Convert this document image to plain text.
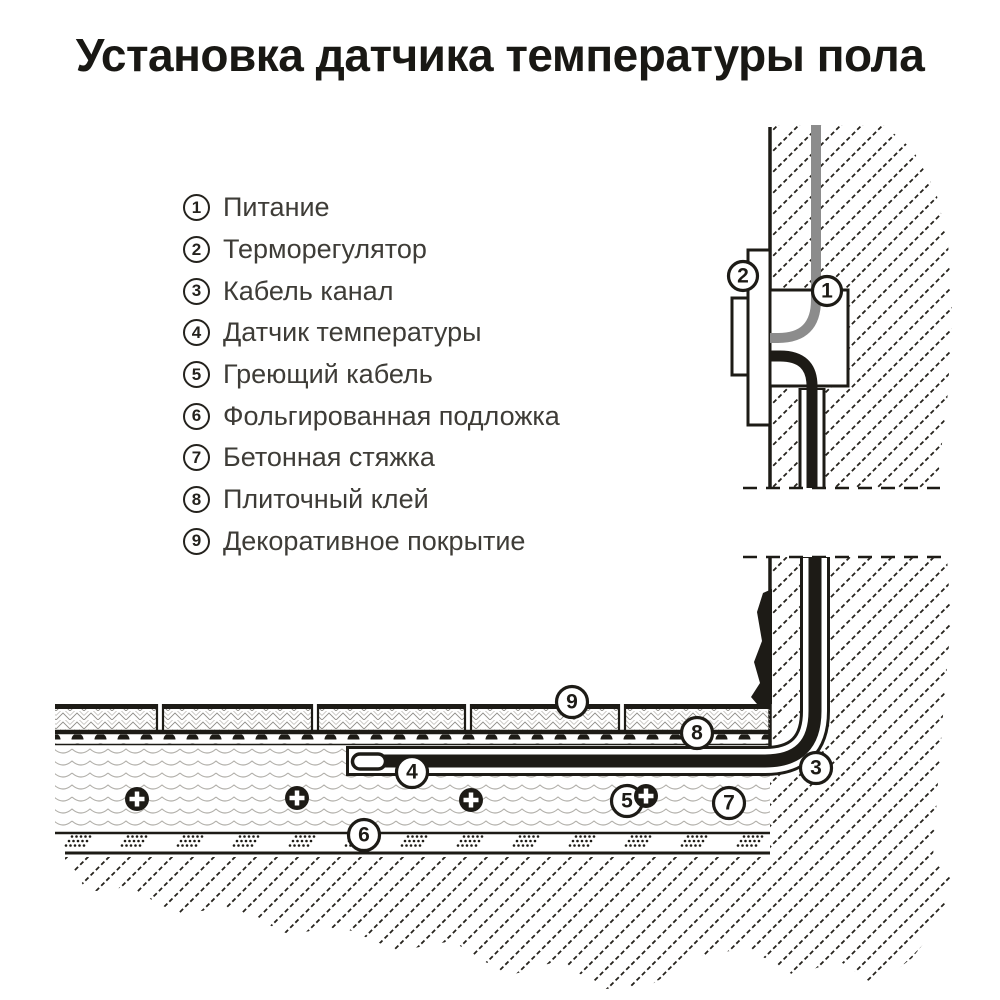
Установка датчика температуры пола
1 Питание
2 Терморегулятор
3 Кабель канал
4 Датчик температуры
5 Греющий кабель
6 Фольгированная подложка
7 Бетонная стяжка
8 Плиточный клей
9 Декоративное покрытие
1
2
3
4
5
6
7
8
9
